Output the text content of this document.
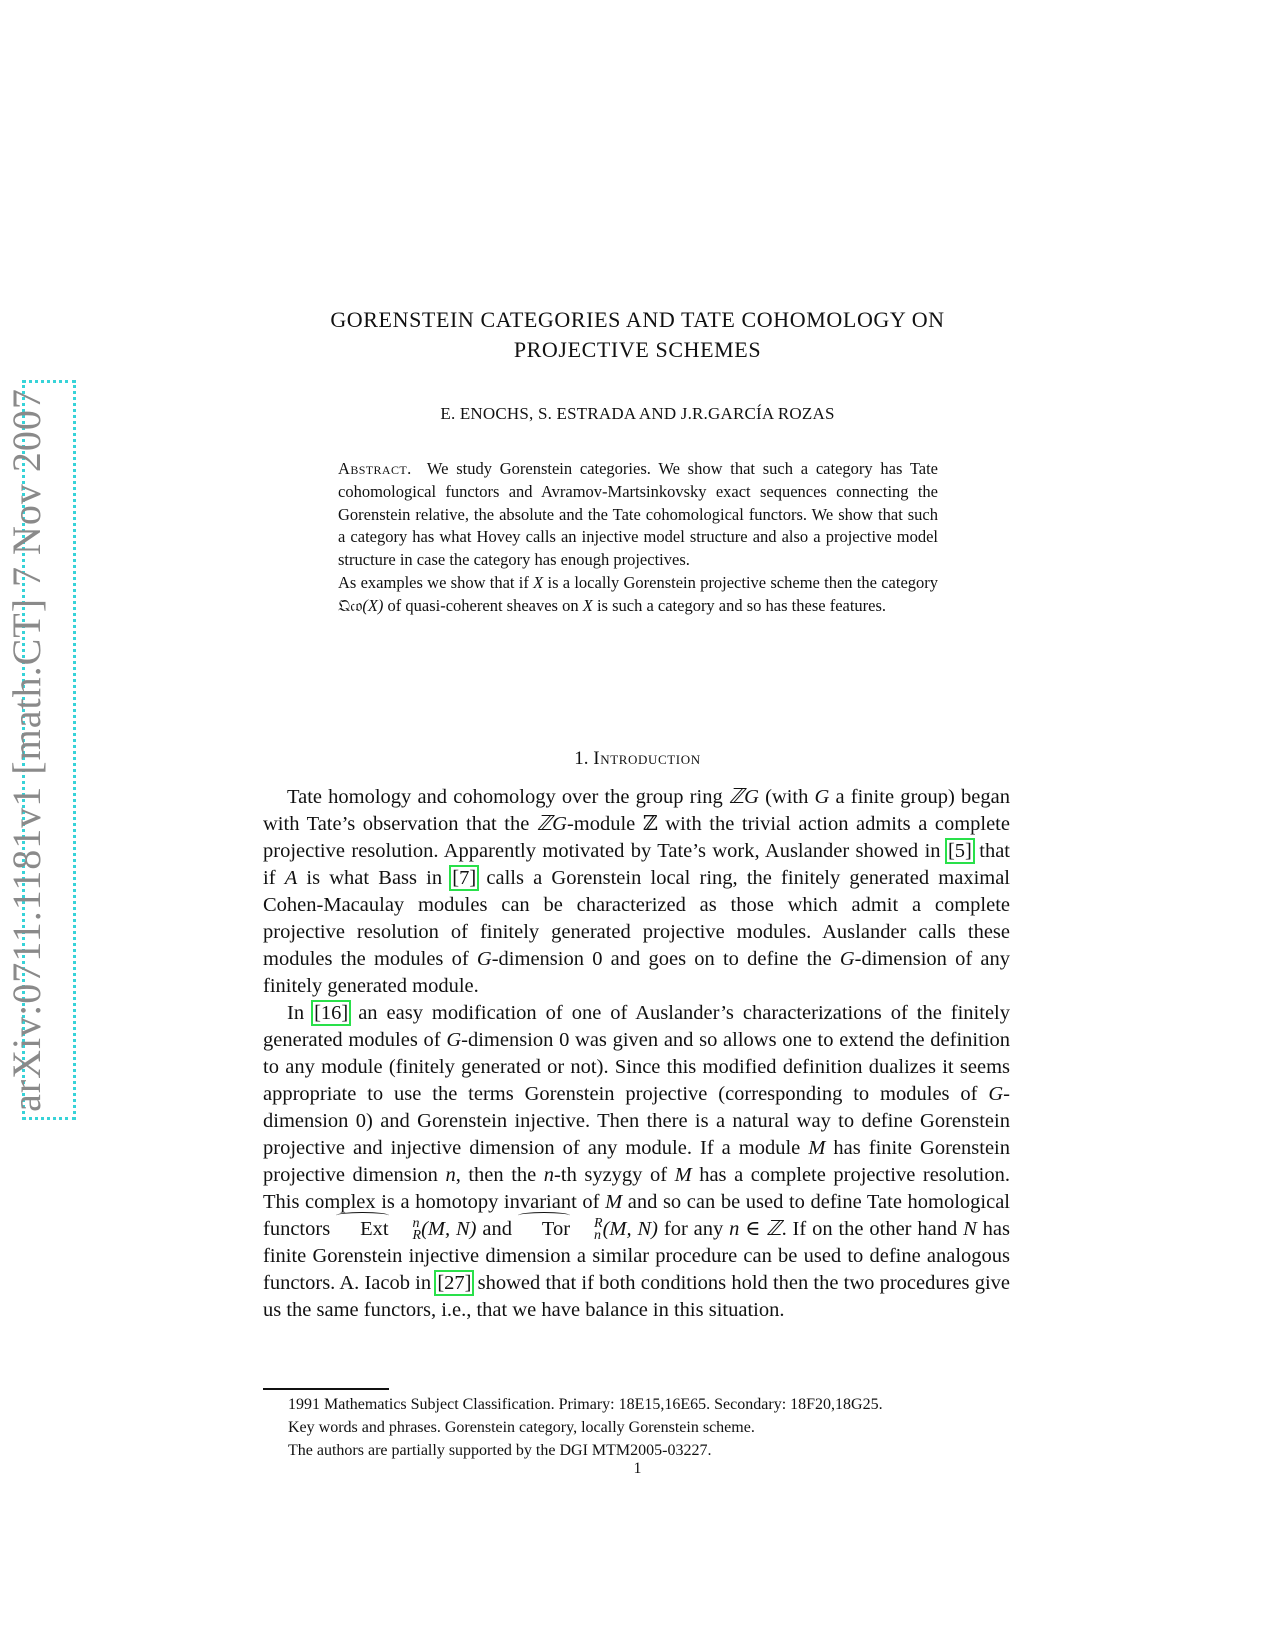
arXiv:0711.1181v1 [math.CT] 7 Nov 2007
GORENSTEIN CATEGORIES AND TATE COHOMOLOGY ON
PROJECTIVE SCHEMES
E. ENOCHS, S. ESTRADA AND J.R.GARCÍA ROZAS

Abstract. We study Gorenstein categories. We show that such a category has Tate cohomological functors and Avramov-Martsinkovsky exact sequences connecting the Gorenstein relative, the absolute and the Tate cohomological functors. We show that such a category has what Hovey calls an injective model structure and also a projective model structure in case the category has enough projectives.

As examples we show that if X is a locally Gorenstein projective scheme then the category 𝔔𝔠𝔬(X) of quasi-coherent sheaves on X is such a category and so has these features.

1. Introduction

Tate homology and cohomology over the group ring ℤG (with G a finite group) began with Tate’s observation that the ℤG-module ℤ with the trivial action admits a complete projective resolution. Apparently motivated by Tate’s work, Auslander showed in [5] that if A is what Bass in [7] calls a Gorenstein local ring, the finitely generated maximal Cohen-Macaulay modules can be characterized as those which admit a complete projective resolution of finitely generated projective modules. Auslander calls these modules the modules of G-dimension 0 and goes on to define the G-dimension of any finitely generated module.

In [16] an easy modification of one of Auslander’s characterizations of the finitely generated modules of G-dimension 0 was given and so allows one to extend the definition to any module (finitely generated or not). Since this modified definition dualizes it seems appropriate to use the terms Gorenstein projective (corresponding to modules of G-dimension 0) and Gorenstein injective. Then there is a natural way to define Gorenstein projective and injective dimension of any module. If a module M has finite Gorenstein projective dimension n, then the n-th syzygy of M has a complete projective resolution. This complex is a homotopy invariant of M and so can be used to define Tate homological functors Ext	n
R (M, N) and Tor	R
n (M, N) for any n ∈ ℤ. If on the other hand N has finite Gorenstein injective dimension a similar procedure can be used to define analogous functors. A. Iacob in [27] showed that if both conditions hold then the two procedures give us the same functors, i.e., that we have balance in this situation.

1991 Mathematics Subject Classification. Primary: 18E15,16E65. Secondary: 18F20,18G25.
Key words and phrases. Gorenstein category, locally Gorenstein scheme.
The authors are partially supported by the DGI MTM2005-03227.
1
